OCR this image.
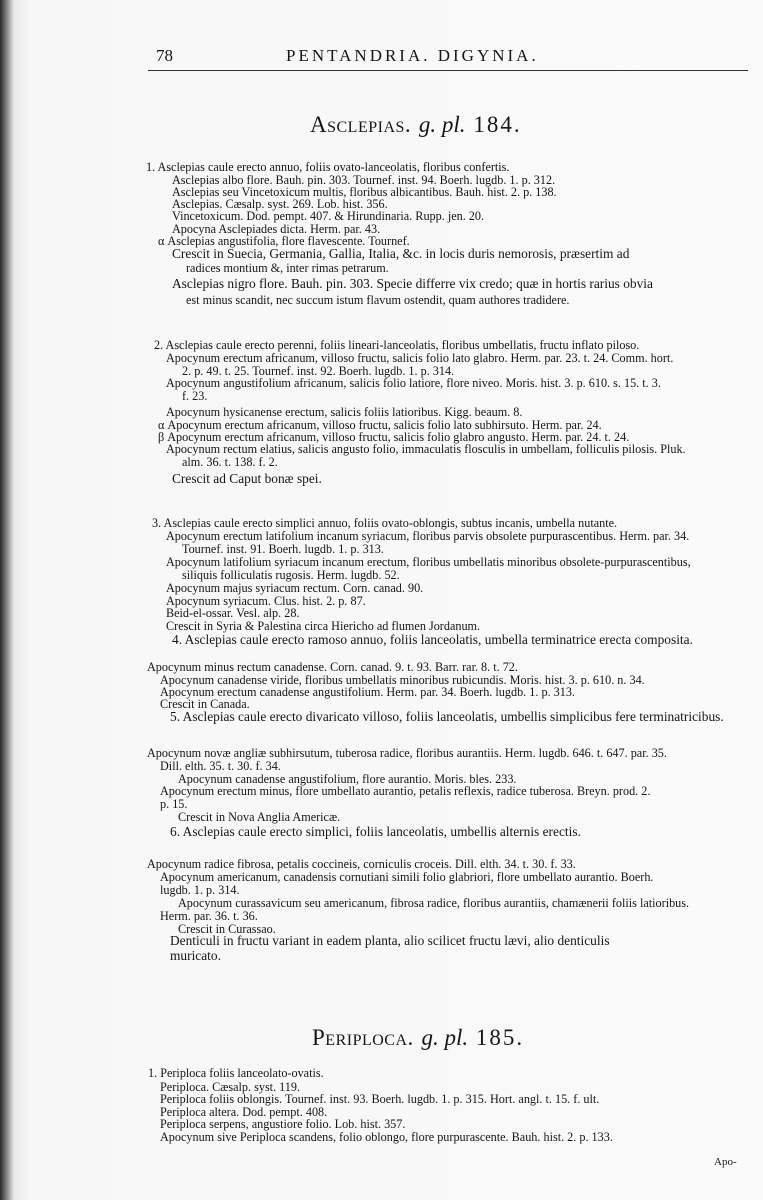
78	PENTANDRIA. DIGYNIA.
Asclepias. g. pl. 184.
1. Asclepias caule erecto annuo, foliis ovato-lanceolatis, floribus confertis.
Asclepias albo flore. Bauh. pin. 303. Tournef. inst. 94. Boerh. lugdb. 1. p. 312.
Asclepias seu Vincetoxicum multis, floribus albicantibus. Bauh. hist. 2. p. 138.
Asclepias. Cæsalp. syst. 269. Lob. hist. 356.
Vincetoxicum. Dod. pempt. 407. & Hirundinaria. Rupp. jen. 20.
Apocyna Asclepiades dicta. Herm. par. 43.
α Asclepias angustifolia, flore flavescente. Tournef.
Crescit in Suecia, Germania, Gallia, Italia, &c. in locis duris nemorosis, præsertim ad
radices montium &, inter rimas petrarum.
Asclepias nigro flore. Bauh. pin. 303. Specie differre vix credo; quæ in hortis rarius obvia
est minus scandit, nec succum istum flavum ostendit, quam authores tradidere.
2. Asclepias caule erecto perenni, foliis lineari-lanceolatis, floribus umbellatis, fructu inflato piloso.
Apocynum erectum africanum, villoso fructu, salicis folio lato glabro. Herm. par. 23. t. 24. Comm. hort.
2. p. 49. t. 25. Tournef. inst. 92. Boerh. lugdb. 1. p. 314.
Apocynum angustifolium africanum, salicis folio latiore, flore niveo. Moris. hist. 3. p. 610. s. 15. t. 3.
f. 23.
Apocynum hysicanense erectum, salicis foliis latioribus. Kigg. beaum. 8.
α Apocynum erectum africanum, villoso fructu, salicis folio lato subhirsuto. Herm. par. 24.
β Apocynum erectum africanum, villoso fructu, salicis folio glabro angusto. Herm. par. 24. t. 24.
Apocynum rectum elatius, salicis angusto folio, immaculatis flosculis in umbellam, folliculis pilosis. Pluk.
alm. 36. t. 138. f. 2.
Crescit ad Caput bonæ spei.
3. Asclepias caule erecto simplici annuo, foliis ovato-oblongis, subtus incanis, umbella nutante.
Apocynum erectum latifolium incanum syriacum, floribus parvis obsolete purpurascentibus. Herm. par. 34.
Tournef. inst. 91. Boerh. lugdb. 1. p. 313.
Apocynum latifolium syriacum incanum erectum, floribus umbellatis minoribus obsolete-purpurascentibus,
siliquis folliculatis rugosis. Herm. lugdb. 52.
Apocynum majus syriacum rectum. Corn. canad. 90.
Apocynum syriacum. Clus. hist. 2. p. 87.
Beid-el-ossar. Vesl. alp. 28.
Crescit in Syria & Palestina circa Hiericho ad flumen Jordanum.
4. Asclepias caule erecto ramoso annuo, foliis lanceolatis, umbella terminatrice erecta composita.
Apocynum minus rectum canadense. Corn. canad. 9. t. 93. Barr. rar. 8. t. 72.
Apocynum canadense viride, floribus umbellatis minoribus rubicundis. Moris. hist. 3. p. 610. n. 34.
Apocynum erectum canadense angustifolium. Herm. par. 34. Boerh. lugdb. 1. p. 313.
Crescit in Canada.
5. Asclepias caule erecto divaricato villoso, foliis lanceolatis, umbellis simplicibus fere terminatricibus.
Apocynum novæ angliæ subhirsutum, tuberosa radice, floribus aurantiis. Herm. lugdb. 646. t. 647. par. 35.
Dill. elth. 35. t. 30. f. 34.
Apocynum canadense angustifolium, flore aurantio. Moris. bles. 233.
Apocynum erectum minus, flore umbellato aurantio, petalis reflexis, radice tuberosa. Breyn. prod. 2.
p. 15.
Crescit in Nova Anglia Americæ.
6. Asclepias caule erecto simplici, foliis lanceolatis, umbellis alternis erectis.
Apocynum radice fibrosa, petalis coccineis, corniculis croceis. Dill. elth. 34. t. 30. f. 33.
Apocynum americanum, canadensis cornutiani simili folio glabriori, flore umbellato aurantio. Boerh.
lugdb. 1. p. 314.
Apocynum curassavicum seu americanum, fibrosa radice, floribus aurantiis, chamænerii foliis latioribus.
Herm. par. 36. t. 36.
Crescit in Curassao.
Denticuli in fructu variant in eadem planta, alio scilicet fructu lævi, alio denticulis
muricato.
Periploca. g. pl. 185.
1. Periploca foliis lanceolato-ovatis.
Periploca. Cæsalp. syst. 119.
Periploca foliis oblongis. Tournef. inst. 93. Boerh. lugdb. 1. p. 315. Hort. angl. t. 15. f. ult.
Periploca altera. Dod. pempt. 408.
Periploca serpens, angustiore folio. Lob. hist. 357.
Apocynum sive Periploca scandens, folio oblongo, flore purpurascente. Bauh. hist. 2. p. 133.
Apo-
